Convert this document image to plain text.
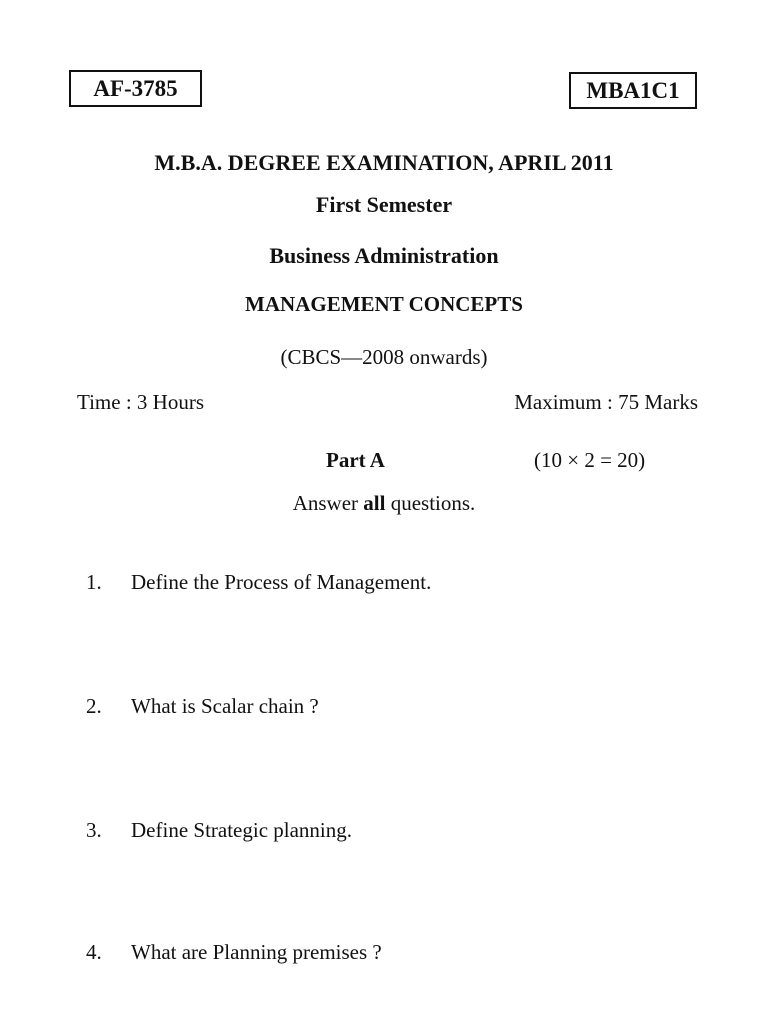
AF-3785	MBA1C1
M.B.A. DEGREE EXAMINATION, APRIL 2011
First Semester
Business Administration
MANAGEMENT CONCEPTS
(CBCS—2008 onwards)
Time : 3 Hours	Maximum : 75 Marks
Part A	(10 × 2 = 20)
Answer all questions.
1. Define the Process of Management.
2. What is Scalar chain ?
3. Define Strategic planning.
4. What are Planning premises ?
